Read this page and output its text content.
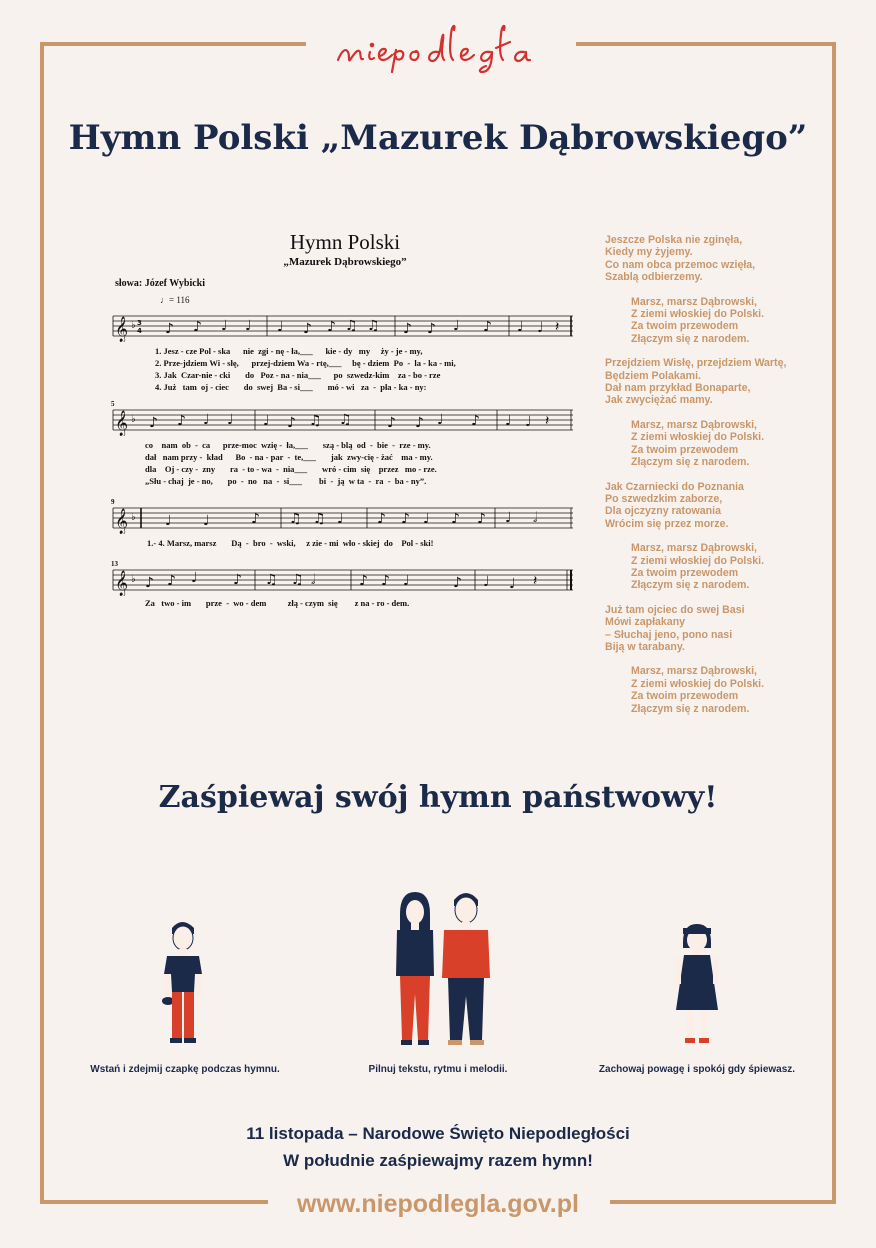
Hymn Polski „Mazurek Dąbrowskiego”
Hymn Polski
„Mazurek Dąbrowskiego”
słowa: Józef Wybicki
♩= 116
𝄞 ♭ 3
4 ♪ ♪ ♩ ♩ ♩ ♪ ♪ ♫ ♫ ♪ ♪ ♩ ♪ ♩ ♩ 𝄽
1. Jesz - cze Pol - ska      nie  zgi - nę - ła,___      kie - dy   my     ży - je - my,
2. Prze-jdziem Wi - słę,      przej-dziem Wa - rtę,___     bę - dziem  Po  -  la - ka - mi,
3. Jak  Czar-nie - cki       do   Poz - na - nia___      po  szwedz-kim    za - bo - rze
4. Już   tam  oj - ciec       do  swej  Ba - si___       mó - wi   za  -  pła - ka - ny:
5
𝄞 ♭ ♪ ♪ ♩ ♩ ♩ ♪ ♫ ♫	♪ ♪ ♩ ♪ ♩ ♩ 𝄽
co    nam  ob  -  ca      prze-moc  wzię -  ła,___       szą - blą  od  -  bie  -  rze - my.
dał   nam przy -  kład      Bo  - na - par  -  te,___       jak  zwy-cię - żać    ma - my.
dla    Oj - czy -  zny       ra  - to - wa  -  nia___       wró - cim  się    przez   mo - rze.
„Słu - chaj  je - no,       po  -  no   na  -  si___        bi  -  ją  w ta  -  ra  -  ba - ny”.
9
𝄞 ♭ ♩ ♩	♪ ♫ ♫ ♩ ♪ ♪ ♩ ♪ ♪ ♩ 𝅗𝅥
1.- 4. Marsz, marsz       Dą  -  bro  -  wski,     z zie - mi  wło - skiej  do    Pol - ski!
13
𝄞 ♭ ♪ ♪ ♩	♪ ♫ ♫ 𝅗𝅥	♪ ♪ ♩	♪ ♩ ♩ 𝄽
Za   two - im       prze  -  wo - dem          złą - czym  się        z na - ro - dem.
Jeszcze Polska nie zginęła,
Kiedy my żyjemy.
Co nam obca przemoc wzięła,
Szablą odbierzemy.
Marsz, marsz Dąbrowski,
Z ziemi włoskiej do Polski.
Za twoim przewodem
Złączym się z narodem.
Przejdziem Wisłę, przejdziem Wartę,
Będziem Polakami.
Dał nam przykład Bonaparte,
Jak zwyciężać mamy.
Marsz, marsz Dąbrowski,
Z ziemi włoskiej do Polski.
Za twoim przewodem
Złączym się z narodem.
Jak Czarniecki do Poznania
Po szwedzkim zaborze,
Dla ojczyzny ratowania
Wrócim się przez morze.
Marsz, marsz Dąbrowski,
Z ziemi włoskiej do Polski.
Za twoim przewodem
Złączym się z narodem.
Już tam ojciec do swej Basi
Mówi zapłakany
– Słuchaj jeno, pono nasi
Biją w tarabany.
Marsz, marsz Dąbrowski,
Z ziemi włoskiej do Polski.
Za twoim przewodem
Złączym się z narodem.
Zaśpiewaj swój hymn państwowy!
Wstań i zdejmij czapkę podczas hymnu.	Pilnuj tekstu, rytmu i melodii.	Zachowaj powagę i spokój gdy śpiewasz.
11 listopada – Narodowe Święto Niepodległości
W południe zaśpiewajmy razem hymn!
www.niepodlegla.gov.pl
